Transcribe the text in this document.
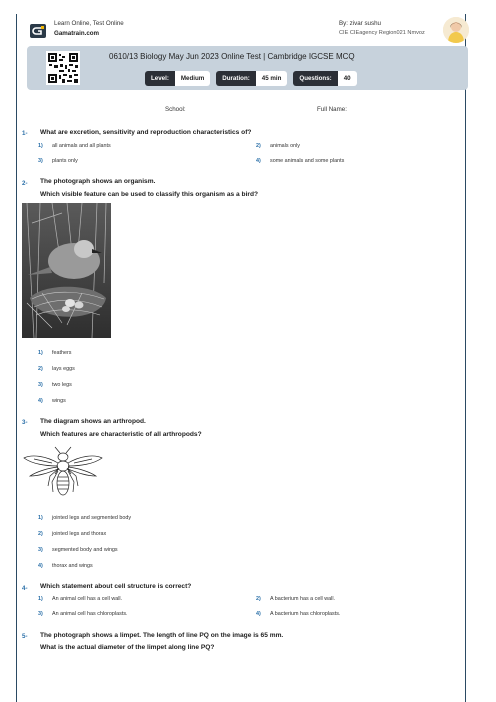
Learn Online, Test Online
Gamatrain.com
By: zivar sushu
CIE CIEagency Region021 Nmvoz
0610/13 Biology May Jun 2023 Online Test | Cambridge IGCSE MCQ
Level:	Medium	Duration:	45 min	Questions:	40
School:	Full Name:
1- What are excretion, sensitivity and reproduction characteristics of?
1) all animals and all plants	2) animals only
3) plants only	4) some animals and some plants
2- The photograph shows an organism.
Which visible feature can be used to classify this organism as a bird?
1) feathers
2) lays eggs
3) two legs
4) wings
3- The diagram shows an arthropod.
Which features are characteristic of all arthropods?
1) jointed legs and segmented body
2) jointed legs and thorax
3) segmented body and wings
4) thorax and wings
4- Which statement about cell structure is correct?
1) An animal cell has a cell wall.	2) A bacterium has a cell wall.
3) An animal cell has chloroplasts.	4) A bacterium has chloroplasts.
5- The photograph shows a limpet. The length of line PQ on the image is 65 mm.
What is the actual diameter of the limpet along line PQ?
